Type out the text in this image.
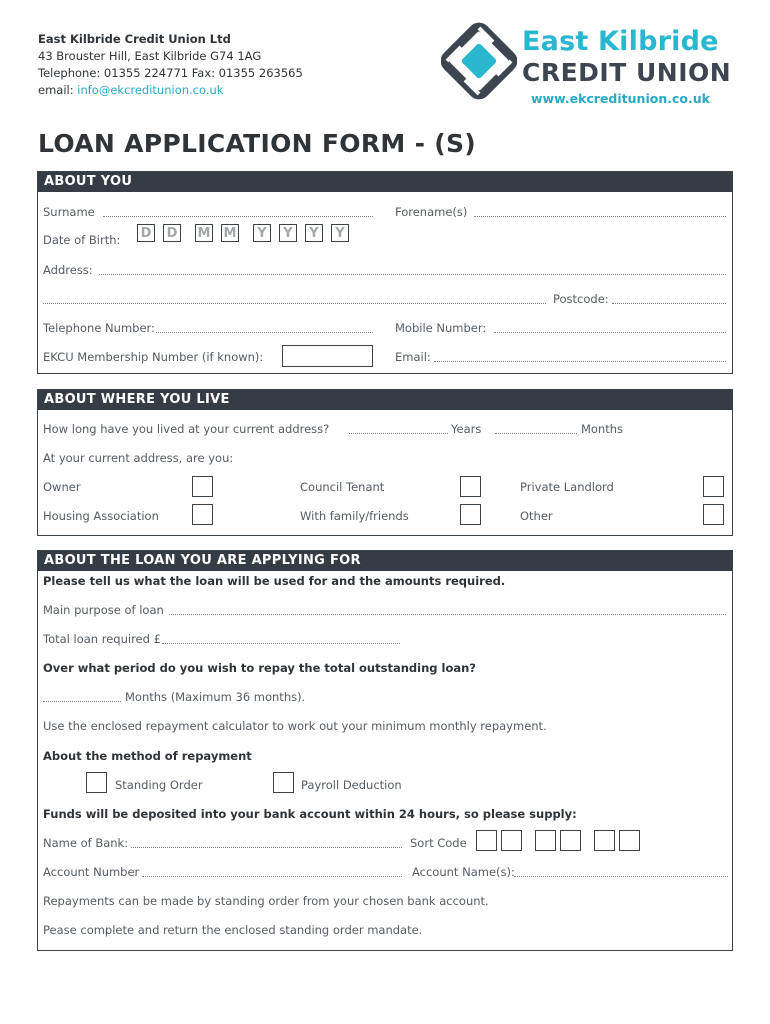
East Kilbride Credit Union Ltd
43 Brouster Hill, East Kilbride G74 1AG
Telephone: 01355 224771 Fax: 01355 263565
email: info@ekcreditunion.co.uk
East Kilbride
CREDIT UNION
www.ekcreditunion.co.uk
LOAN APPLICATION FORM - (S)
ABOUT YOU
Surname	Forename(s)
Date of Birth: D D M M	Y	Y	Y	Y
Address:
Postcode:
Telephone Number:	Mobile Number:
EKCU Membership Number (if known):	Email:
ABOUT WHERE YOU LIVE
How long have you lived at your current address?	Years	Months
At your current address, are you:
Owner	Council Tenant	Private Landlord
Housing Association	With family/friends	Other
ABOUT THE LOAN YOU ARE APPLYING FOR
Please tell us what the loan will be used for and the amounts required.
Main purpose of loan
Total loan required £
Over what period do you wish to repay the total outstanding loan?
Months (Maximum 36 months).
Use the enclosed repayment calculator to work out your minimum monthly repayment.
About the method of repayment
Standing Order	Payroll Deduction
Funds will be deposited into your bank account within 24 hours, so please supply:
Name of Bank:	Sort Code
Account Number	Account Name(s):
Repayments can be made by standing order from your chosen bank account.
Pease complete and return the enclosed standing order mandate.
